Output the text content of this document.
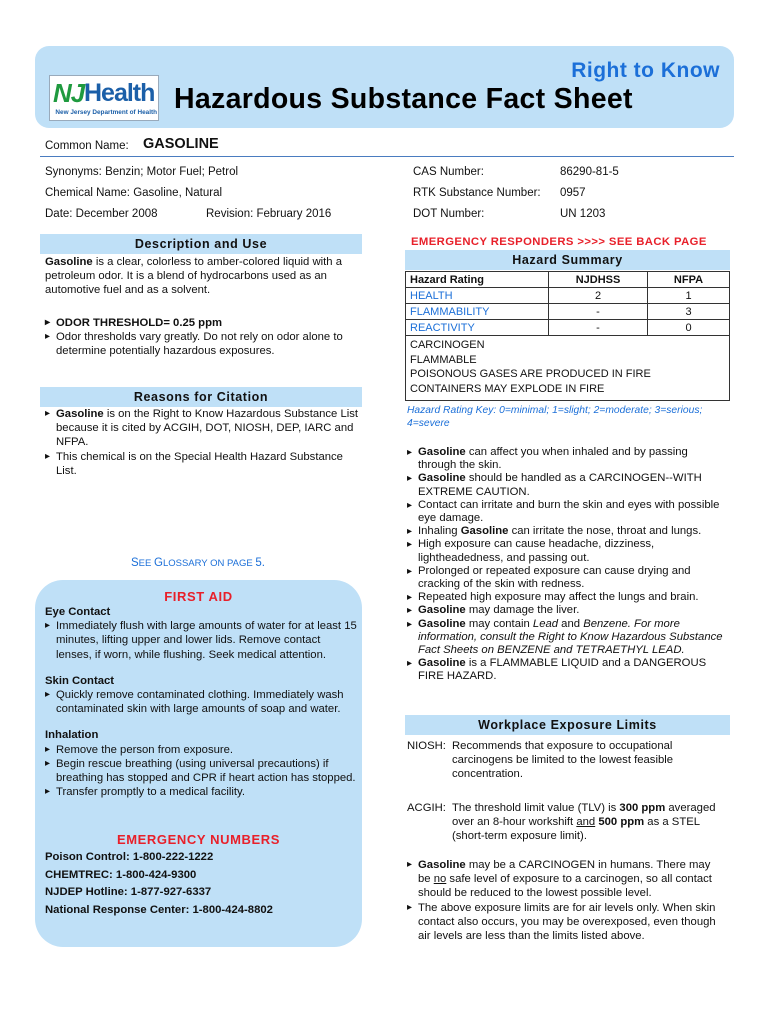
NJ Health
New Jersey Department of Health
Right to Know
Hazardous Substance Fact Sheet
Common Name: GASOLINE
Synonyms: Benzin; Motor Fuel; Petrol
Chemical Name: Gasoline, Natural
Date: December 2008	Revision: February 2016
CAS Number:	86290-81-5
RTK Substance Number: 0957
DOT Number:	UN 1203
Description and Use
Gasoline is a clear, colorless to amber-colored liquid with a
petroleum odor. It is a blend of hydrocarbons used as an
automotive fuel and as a solvent.
▸ ODOR THRESHOLD= 0.25 ppm
▸ Odor thresholds vary greatly. Do not rely on odor alone to
determine potentially hazardous exposures.
Reasons for Citation
▸ Gasoline is on the Right to Know Hazardous Substance List
because it is cited by ACGIH, DOT, NIOSH, DEP, IARC and
NFPA.
▸ This chemical is on the Special Health Hazard Substance
List.
SEE GLOSSARY ON PAGE 5.
FIRST AID
Eye Contact
▸ Immediately flush with large amounts of water for at least 15
minutes, lifting upper and lower lids. Remove contact
lenses, if worn, while flushing. Seek medical attention.
Skin Contact
▸ Quickly remove contaminated clothing. Immediately wash
contaminated skin with large amounts of soap and water.
Inhalation
▸ Remove the person from exposure.
▸ Begin rescue breathing (using universal precautions) if
breathing has stopped and CPR if heart action has stopped.
▸ Transfer promptly to a medical facility.
EMERGENCY NUMBERS
Poison Control: 1-800-222-1222
CHEMTREC: 1-800-424-9300
NJDEP Hotline: 1-877-927-6337
National Response Center: 1-800-424-8802
EMERGENCY RESPONDERS >>>> SEE BACK PAGE
Hazard Summary
Hazard Rating	NJDHSS	NFPA
HEALTH	2	1
FLAMMABILITY	-	3
REACTIVITY	-	0

CARCINOGEN
FLAMMABLE
POISONOUS GASES ARE PRODUCED IN FIRE
CONTAINERS MAY EXPLODE IN FIRE		
Hazard Rating Key: 0=minimal; 1=slight; 2=moderate; 3=serious;
4=severe
▸ Gasoline can affect you when inhaled and by passing
through the skin.
▸ Gasoline should be handled as a CARCINOGEN--WITH
EXTREME CAUTION.
▸ Contact can irritate and burn the skin and eyes with possible
eye damage.
▸ Inhaling Gasoline can irritate the nose, throat and lungs.
▸ High exposure can cause headache, dizziness,
lightheadedness, and passing out.
▸ Prolonged or repeated exposure can cause drying and
cracking of the skin with redness.
▸ Repeated high exposure may affect the lungs and brain.
▸ Gasoline may damage the liver.
▸ Gasoline may contain Lead and Benzene. For more
information, consult the Right to Know Hazardous Substance
Fact Sheets on BENZENE and TETRAETHYL LEAD.
▸ Gasoline is a FLAMMABLE LIQUID and a DANGEROUS
FIRE HAZARD.
Workplace Exposure Limits
NIOSH: Recommends that exposure to occupational
carcinogens be limited to the lowest feasible
concentration.
ACGIH: The threshold limit value (TLV) is 300 ppm averaged
over an 8-hour workshift and 500 ppm as a STEL
(short-term exposure limit).
▸ Gasoline may be a CARCINOGEN in humans. There may
be no safe level of exposure to a carcinogen, so all contact
should be reduced to the lowest possible level.
▸ The above exposure limits are for air levels only. When skin
contact also occurs, you may be overexposed, even though
air levels are less than the limits listed above.
